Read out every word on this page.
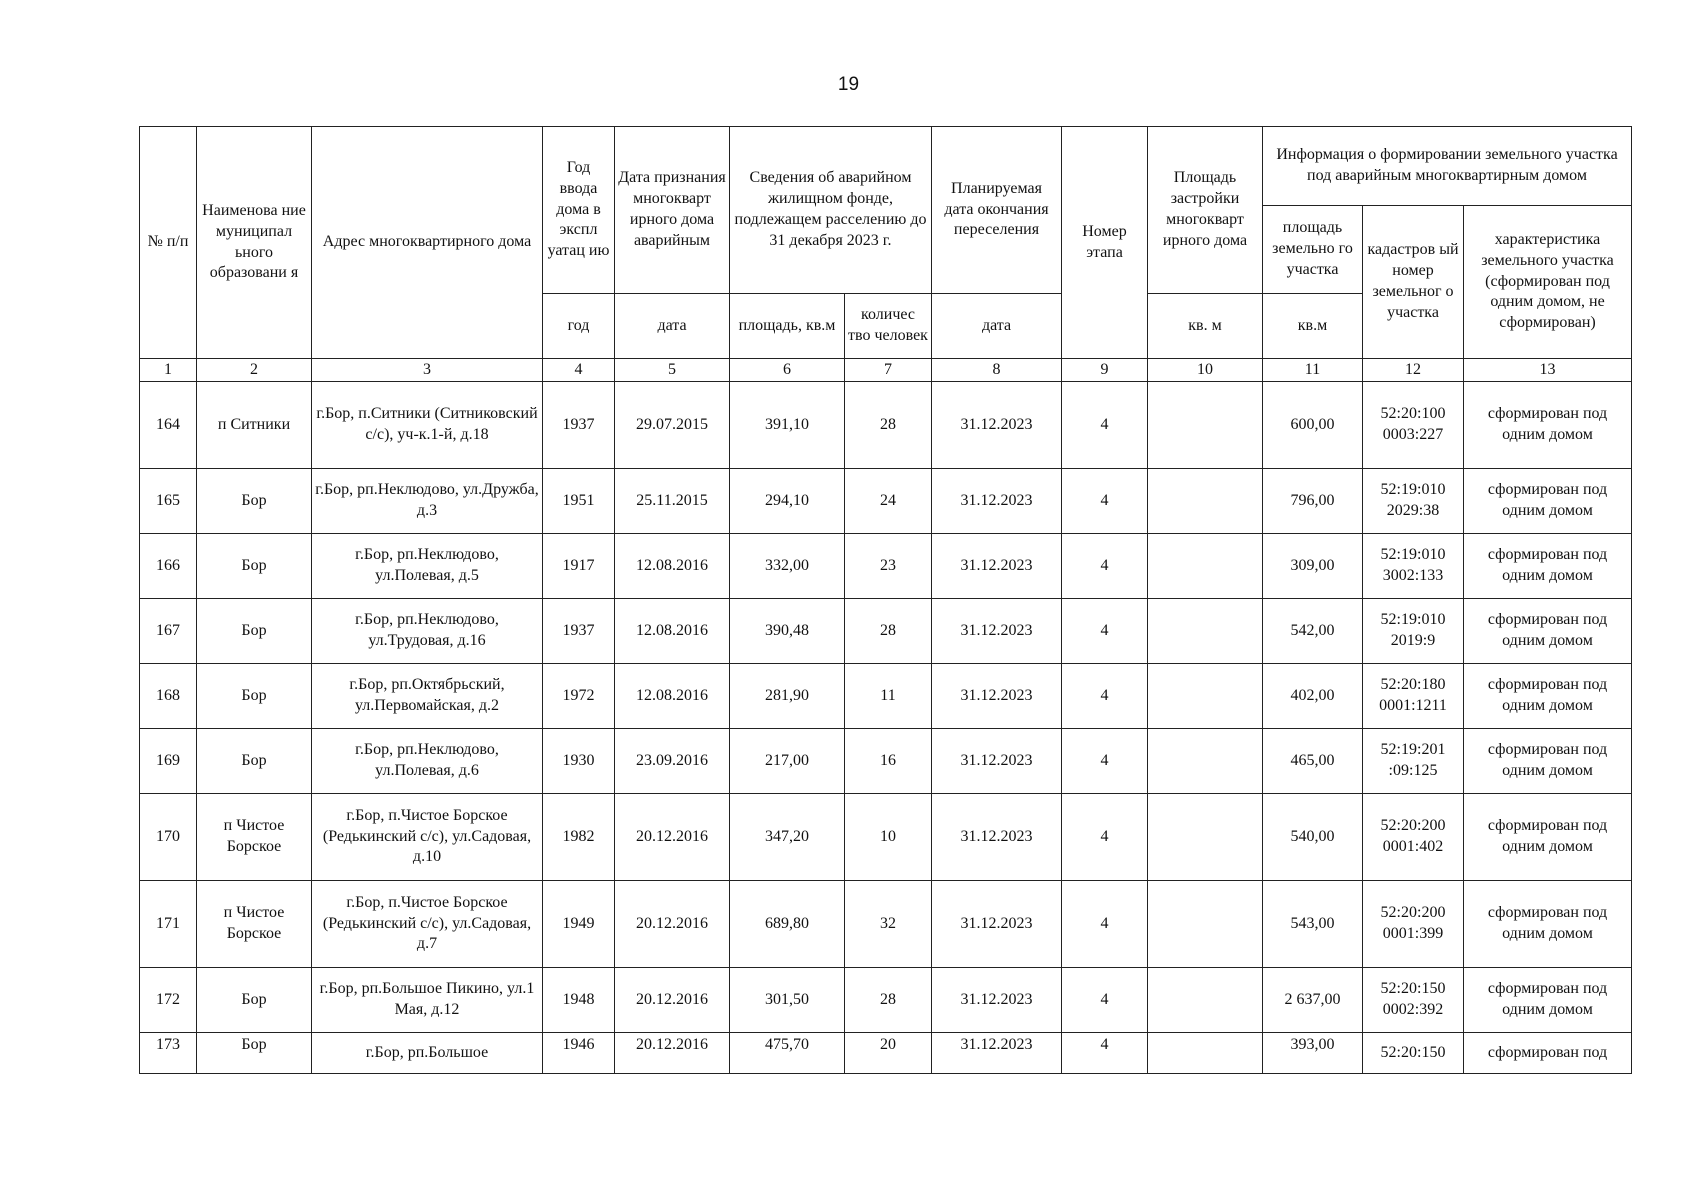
19
№ п/п	Наименова ние муниципал ьного образовани я	Адрес многоквартирного дома	Год ввода дома в экспл уатац ию	Дата признания многокварт ирного дома аварийным	Сведения об аварийном жилищном фонде, подлежащем расселению до 31 декабря 2023 г.		Планируемая дата окончания переселения	Номер этапа	Площадь застройки многокварт ирного дома	Информация о формировании земельного участка под аварийным многоквартирным домом		
										площадь земельно го участка	кадастров ый номер земельног о участка	характеристика земельного участка (сформирован под одним домом, не сформирован)
			год	дата	площадь, кв.м	количес тво человек	дата		кв. м	кв.м		
1	2	3	4	5	6	7	8	9	10	11	12	13
164	п Ситники	г.Бор, п.Ситники (Ситниковский с/с), уч-к.1-й, д.18	1937	29.07.2015	391,10	28	31.12.2023	4		600,00	52:20:100 0003:227	сформирован под одним домом
165	Бор	г.Бор, рп.Неклюдово, ул.Дружба, д.3	1951	25.11.2015	294,10	24	31.12.2023	4		796,00	52:19:010 2029:38	сформирован под одним домом
166	Бор	г.Бор, рп.Неклюдово, ул.Полевая, д.5	1917	12.08.2016	332,00	23	31.12.2023	4		309,00	52:19:010 3002:133	сформирован под одним домом
167	Бор	г.Бор, рп.Неклюдово, ул.Трудовая, д.16	1937	12.08.2016	390,48	28	31.12.2023	4		542,00	52:19:010 2019:9	сформирован под одним домом
168	Бор	г.Бор, рп.Октябрьский, ул.Первомайская, д.2	1972	12.08.2016	281,90	11	31.12.2023	4		402,00	52:20:180 0001:1211	сформирован под одним домом
169	Бор	г.Бор, рп.Неклюдово, ул.Полевая, д.6	1930	23.09.2016	217,00	16	31.12.2023	4		465,00	52:19:201 :09:125	сформирован под одним домом
170	п Чистое Борское	г.Бор, п.Чистое Борское (Редькинский с/с), ул.Садовая, д.10	1982	20.12.2016	347,20	10	31.12.2023	4		540,00	52:20:200 0001:402	сформирован под одним домом
171	п Чистое Борское	г.Бор, п.Чистое Борское (Редькинский с/с), ул.Садовая, д.7	1949	20.12.2016	689,80	32	31.12.2023	4		543,00	52:20:200 0001:399	сформирован под одним домом
172	Бор	г.Бор, рп.Большое Пикино, ул.1 Мая, д.12	1948	20.12.2016	301,50	28	31.12.2023	4		2 637,00	52:20:150 0002:392	сформирован под одним домом
173	Бор	г.Бор, рп.Большое	1946	20.12.2016	475,70	20	31.12.2023	4		393,00	52:20:150	сформирован под
